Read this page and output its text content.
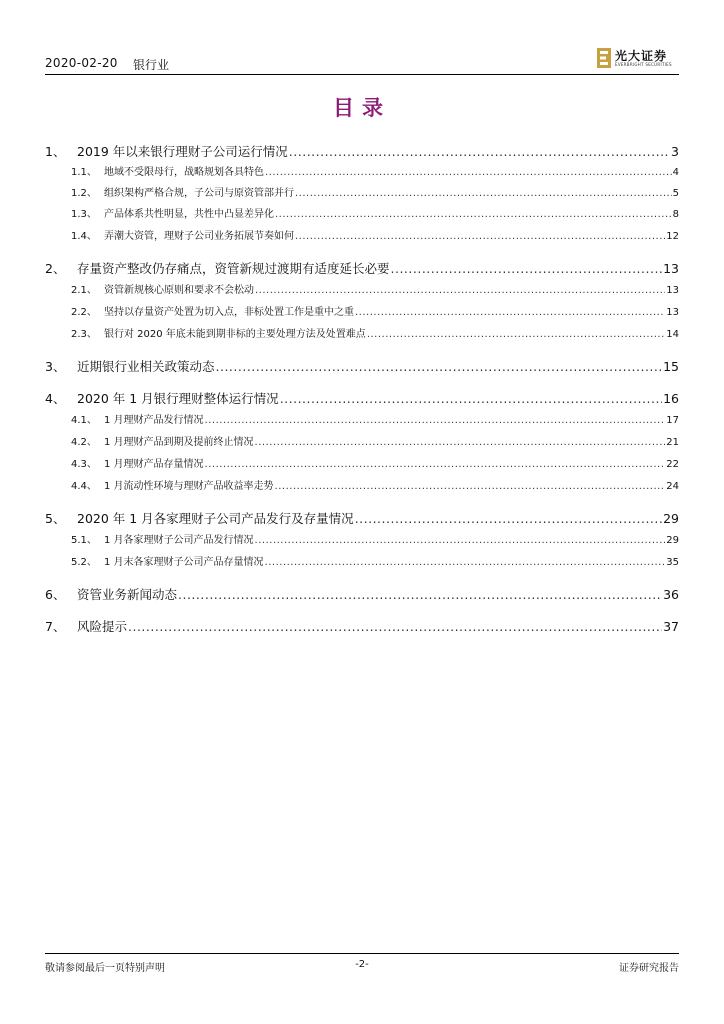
2020-02-20 银行业
光大证券
EVERBRIGHT SECURITIES
目录
1、 2019 年以来银行理财子公司运行情况 .....	3
1.1、 地域不受限母行，战略规划各具特色 .....	4
1.2、 组织架构严格合规，子公司与原资管部并行 .....	5
1.3、 产品体系共性明显，共性中凸显差异化 .....	8
1.4、 弄潮大资管，理财子公司业务拓展节奏如何 .....	12
2、 存量资产整改仍存痛点，资管新规过渡期有适度延长必要 .....	13
2.1、 资管新规核心原则和要求不会松动 .....	13
2.2、 坚持以存量资产处置为切入点，非标处置工作是重中之重 .....	13
2.3、 银行对 2020 年底未能到期非标的主要处理方法及处置难点 .....	14
3、 近期银行业相关政策动态 .....	15
4、 2020 年 1 月银行理财整体运行情况 .....	16
4.1、 1 月理财产品发行情况 .....	17
4.2、 1 月理财产品到期及提前终止情况 .....	21
4.3、 1 月理财产品存量情况 .....	22
4.4、 1 月流动性环境与理财产品收益率走势 .....	24
5、 2020 年 1 月各家理财子公司产品发行及存量情况 .....	29
5.1、 1 月各家理财子公司产品发行情况 .....	29
5.2、 1 月末各家理财子公司产品存量情况 .....	35
6、 资管业务新闻动态 .....	36
7、 风险提示 .....	37
敬请参阅最后一页特别声明	-2-	证券研究报告
